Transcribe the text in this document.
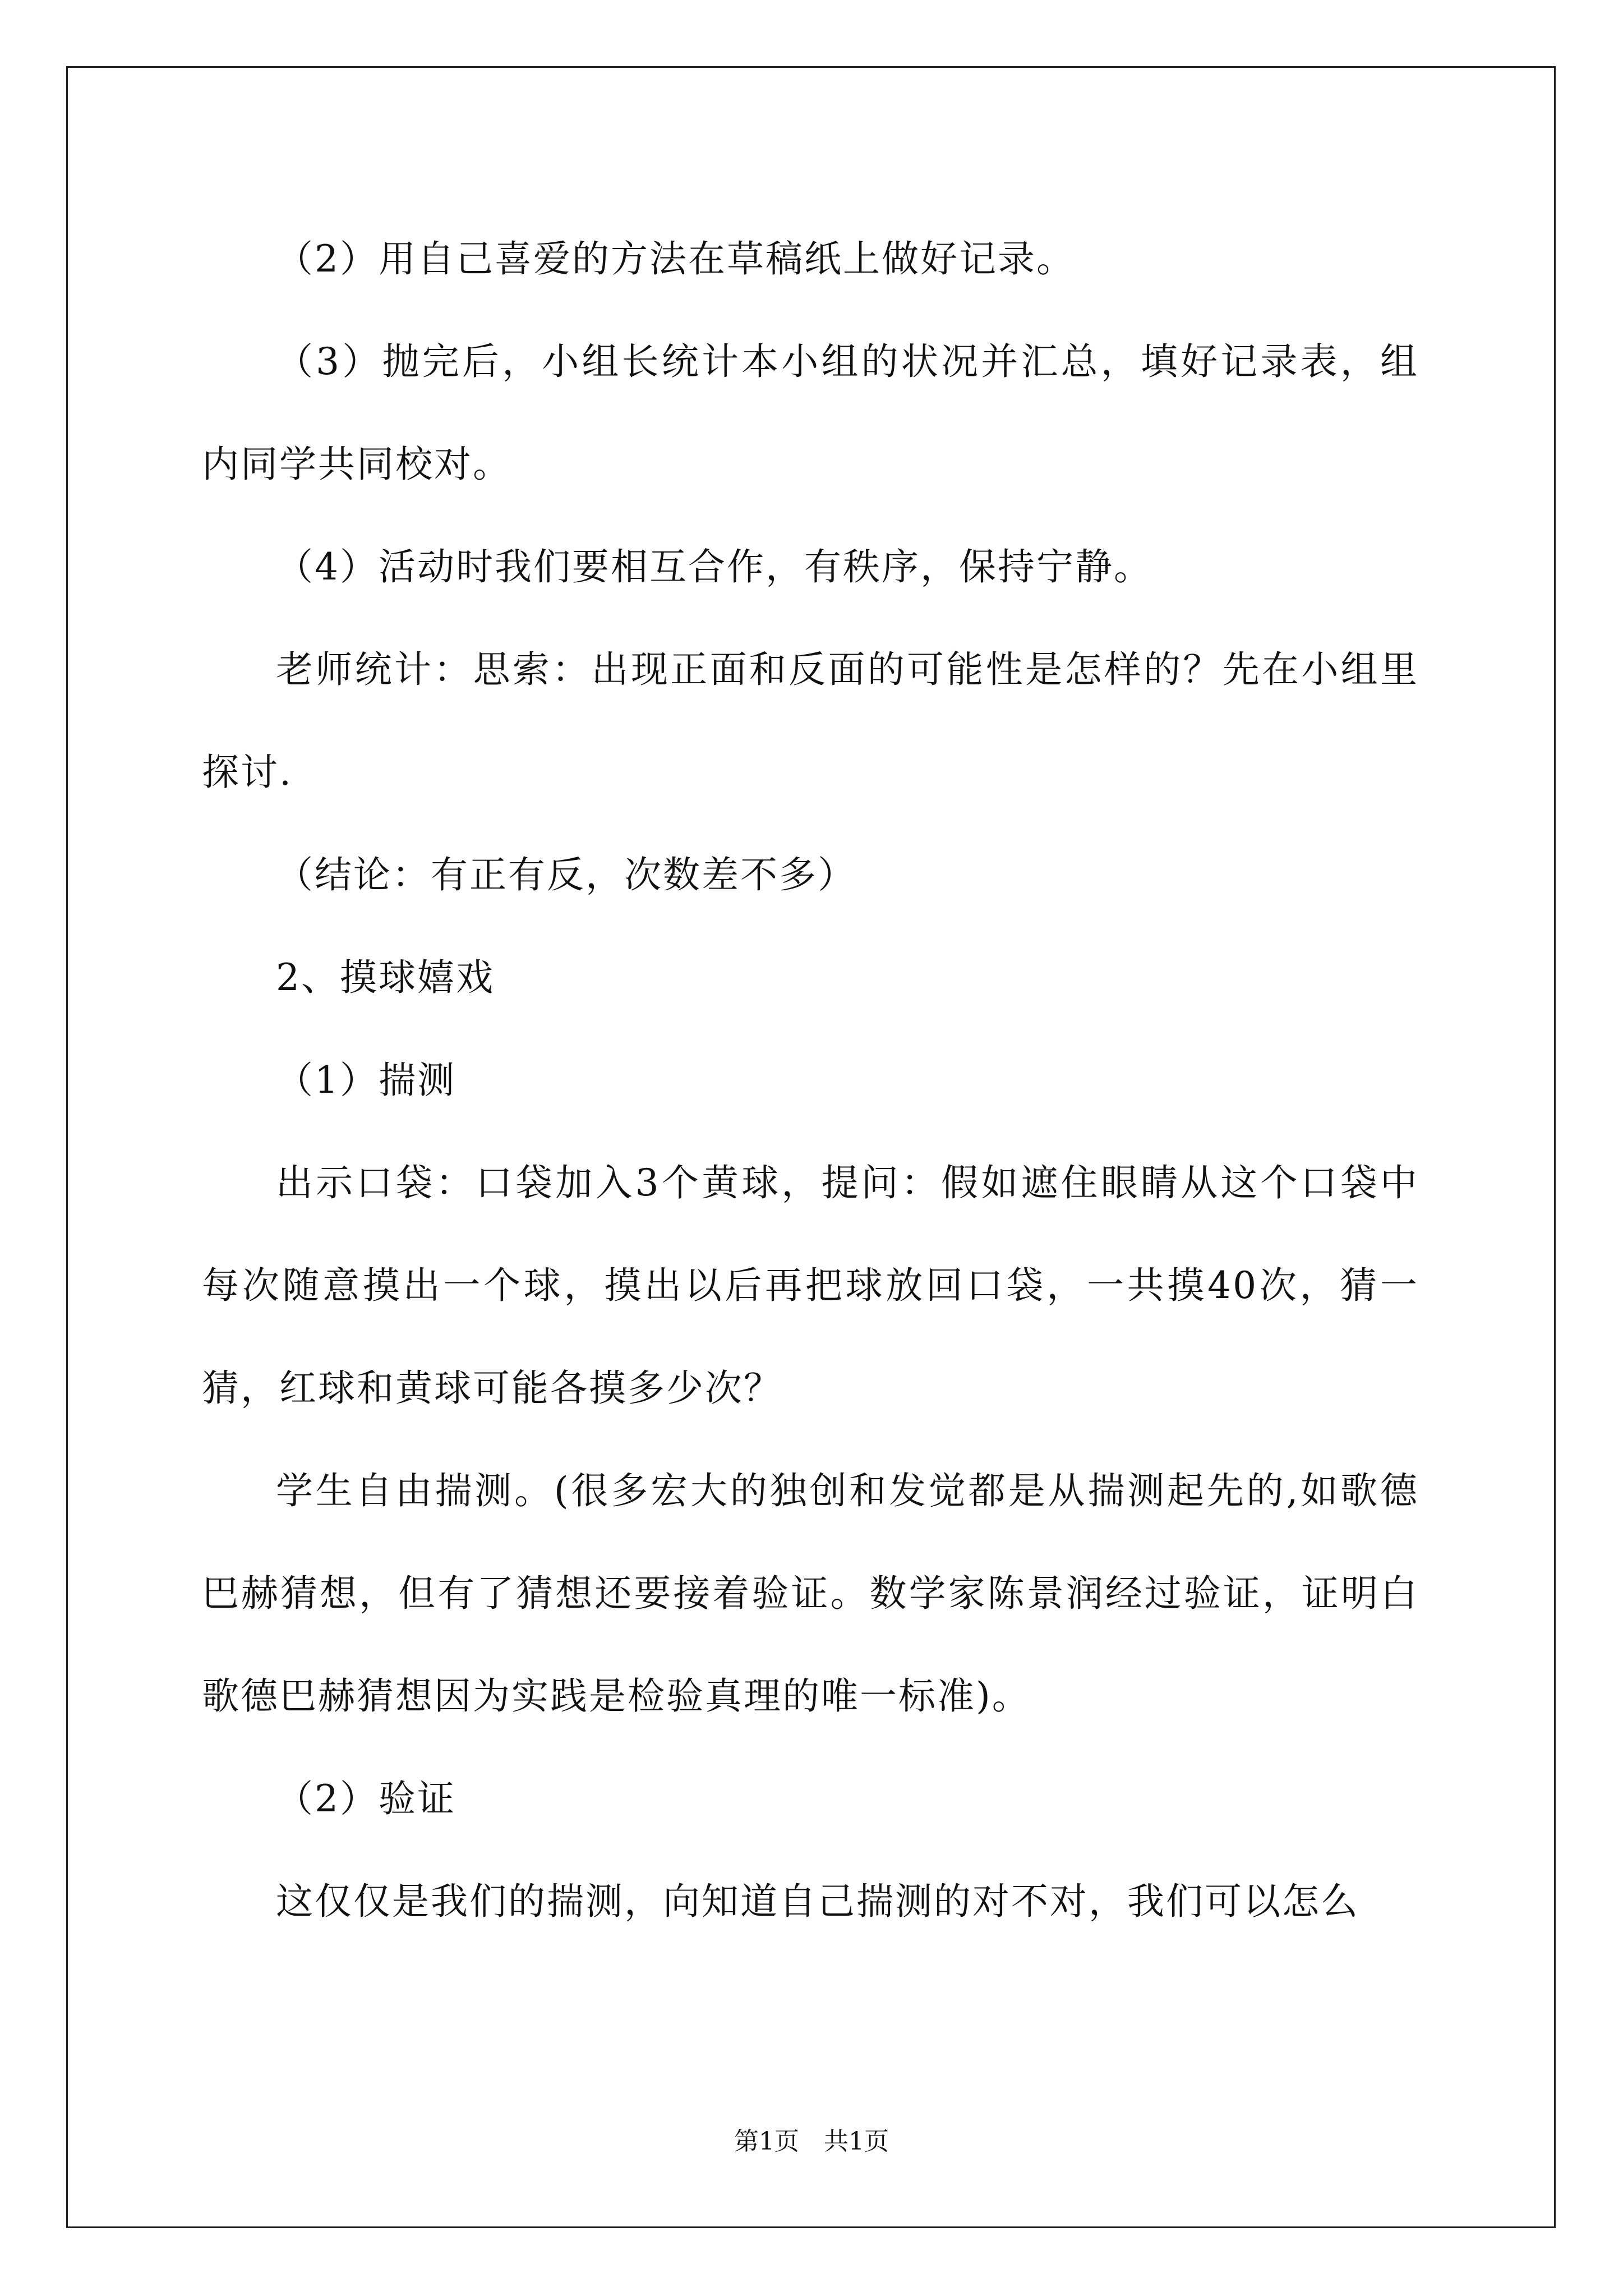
（2）用自己喜爱的方法在草稿纸上做好记录。

（3）抛完后，小组长统计本小组的状况并汇总，填好记录表，组内同学共同校对。

（4）活动时我们要相互合作，有秩序，保持宁静。

老师统计：思索：出现正面和反面的可能性是怎样的？先在小组里探讨.

（结论：有正有反，次数差不多）

2、摸球嬉戏

（1）揣测

出示口袋：口袋加入3个黄球，提问：假如遮住眼睛从这个口袋中每次随意摸出一个球，摸出以后再把球放回口袋，一共摸40次，猜一猜，红球和黄球可能各摸多少次？

学生自由揣测。(很多宏大的独创和发觉都是从揣测起先的,如歌德巴赫猜想，但有了猜想还要接着验证。数学家陈景润经过验证，证明白歌德巴赫猜想因为实践是检验真理的唯一标准)。

（2）验证

这仅仅是我们的揣测，向知道自己揣测的对不对，我们可以怎么

第1页　共1页
